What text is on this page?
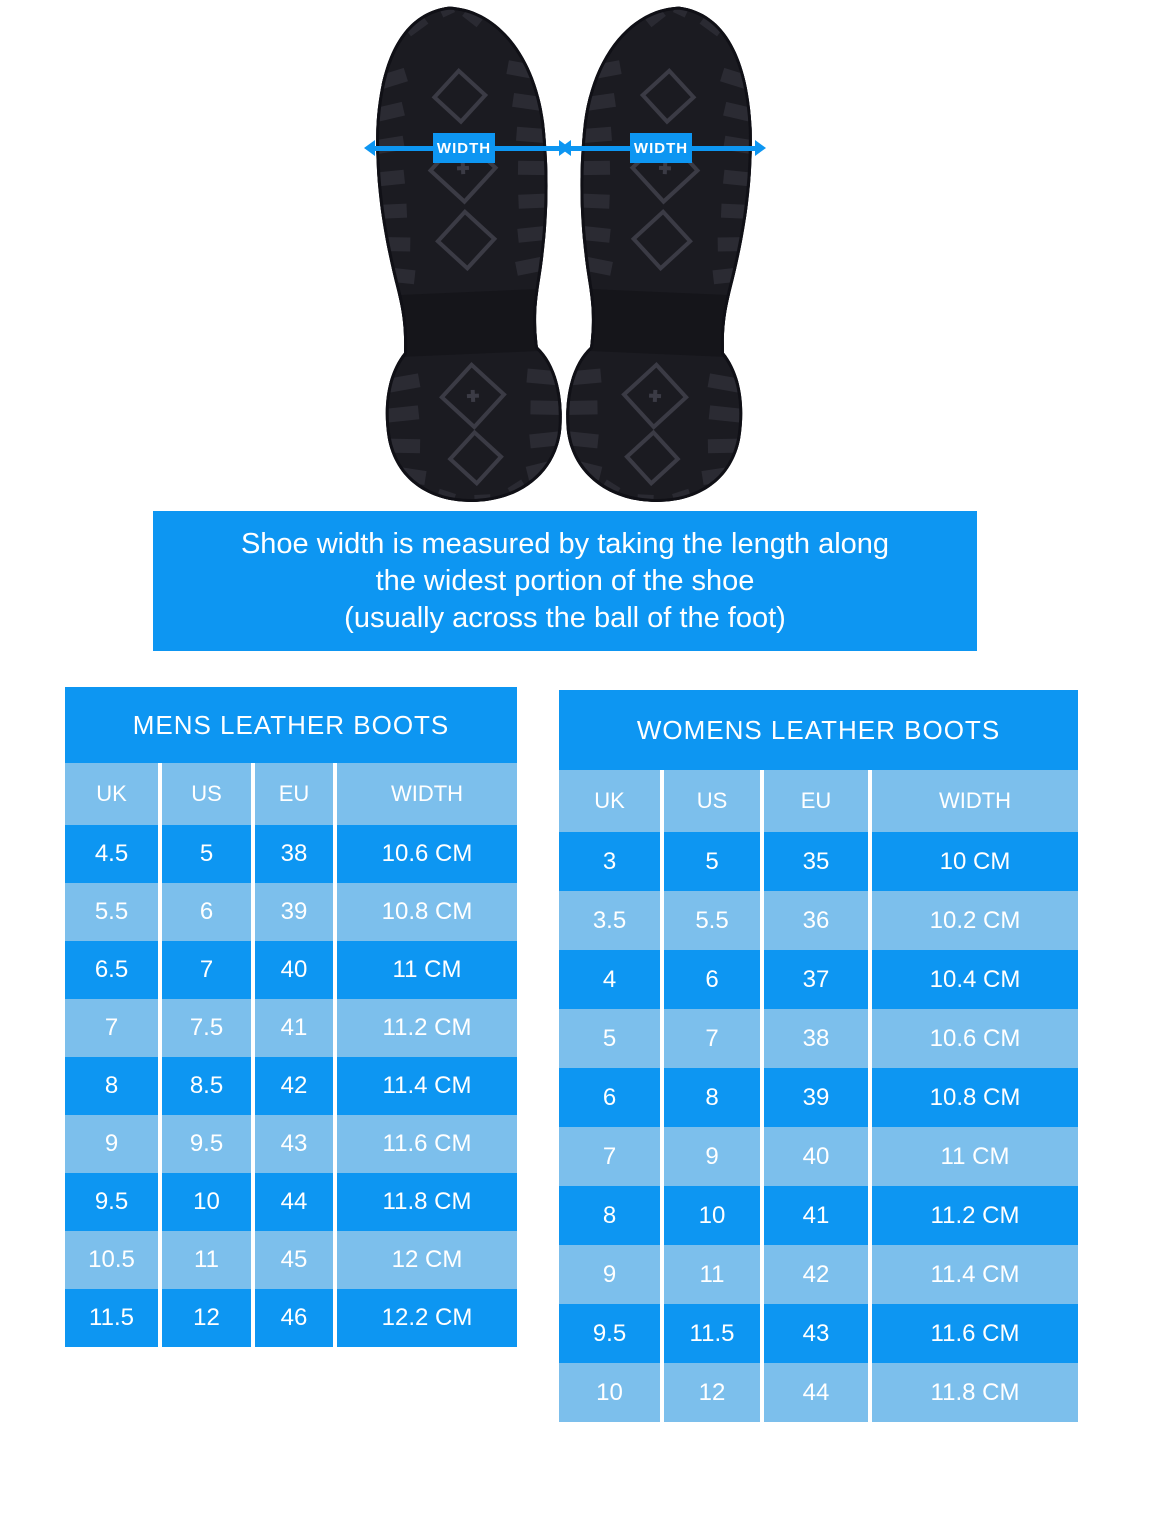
WIDTH	WIDTH
Shoe width is measured by taking the length along
the widest portion of the shoe
(usually across the ball of the foot)
MENS LEATHER BOOTS
UK	US	EU	WIDTH
4.5	5	38	10.6 CM
5.5	6	39	10.8 CM
6.5	7	40	11 CM
7	7.5	41	11.2 CM
8	8.5	42	11.4 CM
9	9.5	43	11.6 CM
9.5	10	44	11.8 CM
10.5	11	45	12 CM
11.5	12	46	12.2 CM
WOMENS LEATHER BOOTS
UK	US	EU	WIDTH
3	5	35	10 CM
3.5	5.5	36	10.2 CM
4	6	37	10.4 CM
5	7	38	10.6 CM
6	8	39	10.8 CM
7	9	40	11 CM
8	10	41	11.2 CM
9	11	42	11.4 CM
9.5	11.5	43	11.6 CM
10	12	44	11.8 CM
